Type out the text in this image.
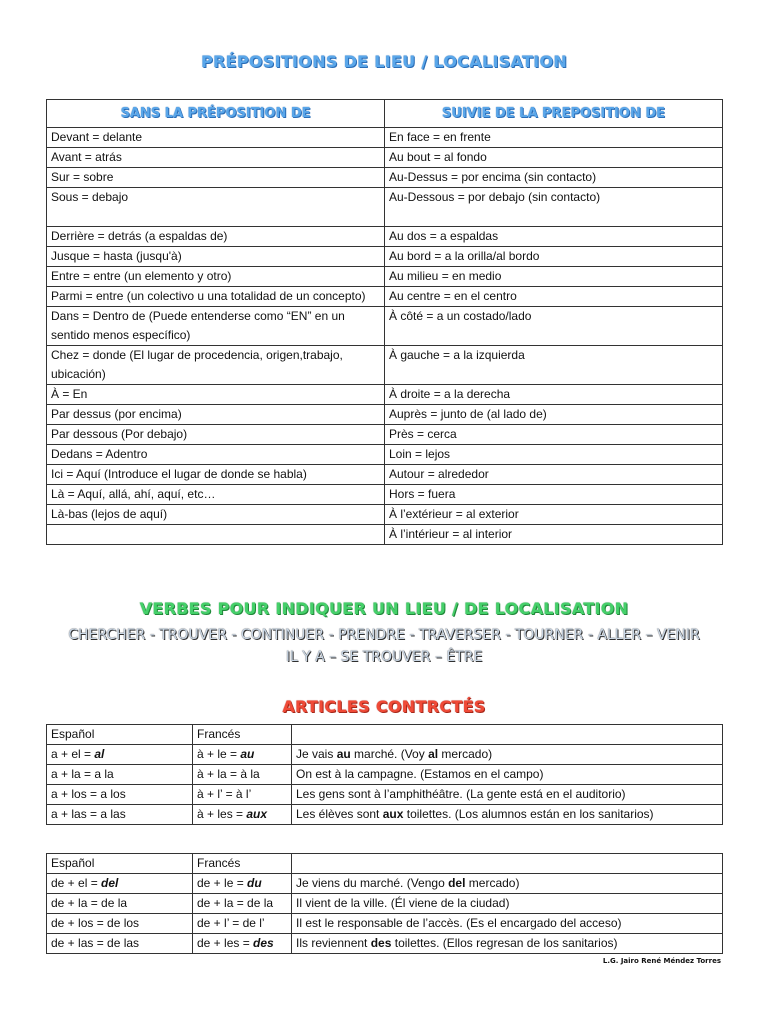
PRÉPOSITIONS DE LIEU / LOCALISATION
SANS LA PRÉPOSITION DE	SUIVIE DE LA PREPOSITION DE
Devant = delante	En face = en frente
Avant = atrás	Au bout = al fondo
Sur = sobre	Au-Dessus = por encima (sin contacto)
Sous = debajo	Au-Dessous = por debajo (sin contacto)
Derrière = detrás (a espaldas de)	Au dos = a espaldas
Jusque = hasta (jusqu'à)	Au bord = a la orilla/al bordo
Entre = entre (un elemento y otro)	Au milieu = en medio
Parmi = entre (un colectivo u una totalidad de un concepto)	Au centre = en el centro
Dans = Dentro de (Puede entenderse como “EN” en un sentido menos específico)	À côté = a un costado/lado
Chez = donde (El lugar de procedencia, origen,trabajo, ubicación)	À gauche = a la izquierda
À = En	À droite = a la derecha
Par dessus (por encima)	Auprès = junto de (al lado de)
Par dessous (Por debajo)	Près = cerca
Dedans = Adentro	Loin = lejos
Ici = Aquí (Introduce el lugar de donde se habla)	Autour = alrededor
Là = Aquí, allá, ahí, aquí, etc…	Hors = fuera
Là-bas (lejos de aquí)	À l’extérieur = al exterior
	À l’intérieur = al interior
VERBES POUR INDIQUER UN LIEU / DE LOCALISATION
CHERCHER - TROUVER - CONTINUER - PRENDRE - TRAVERSER - TOURNER - ALLER – VENIR
IL Y A – SE TROUVER – ÊTRE
ARTICLES CONTRCTÉS
Español	Francés	
a + el = al	à + le = au	Je vais au marché. (Voy al mercado)
a + la = a la	à + la = à la	On est à la campagne. (Estamos en el campo)
a + los = a los	à + l’ = à l’	Les gens sont à l’amphithéâtre. (La gente está en el auditorio)
a + las = a las	à + les = aux	Les élèves sont aux toilettes. (Los alumnos están en los sanitarios)
Español	Francés	
de + el = del	de + le = du	Je viens du marché. (Vengo del mercado)
de + la = de la	de + la = de la	Il vient de la ville. (Él viene de la ciudad)
de + los = de los	de + l’ = de l’	Il est le responsable de l’accès. (Es el encargado del acceso)
de + las = de las	de + les = des	Ils reviennent des toilettes. (Ellos regresan de los sanitarios)
L.G. Jairo René Méndez Torres
